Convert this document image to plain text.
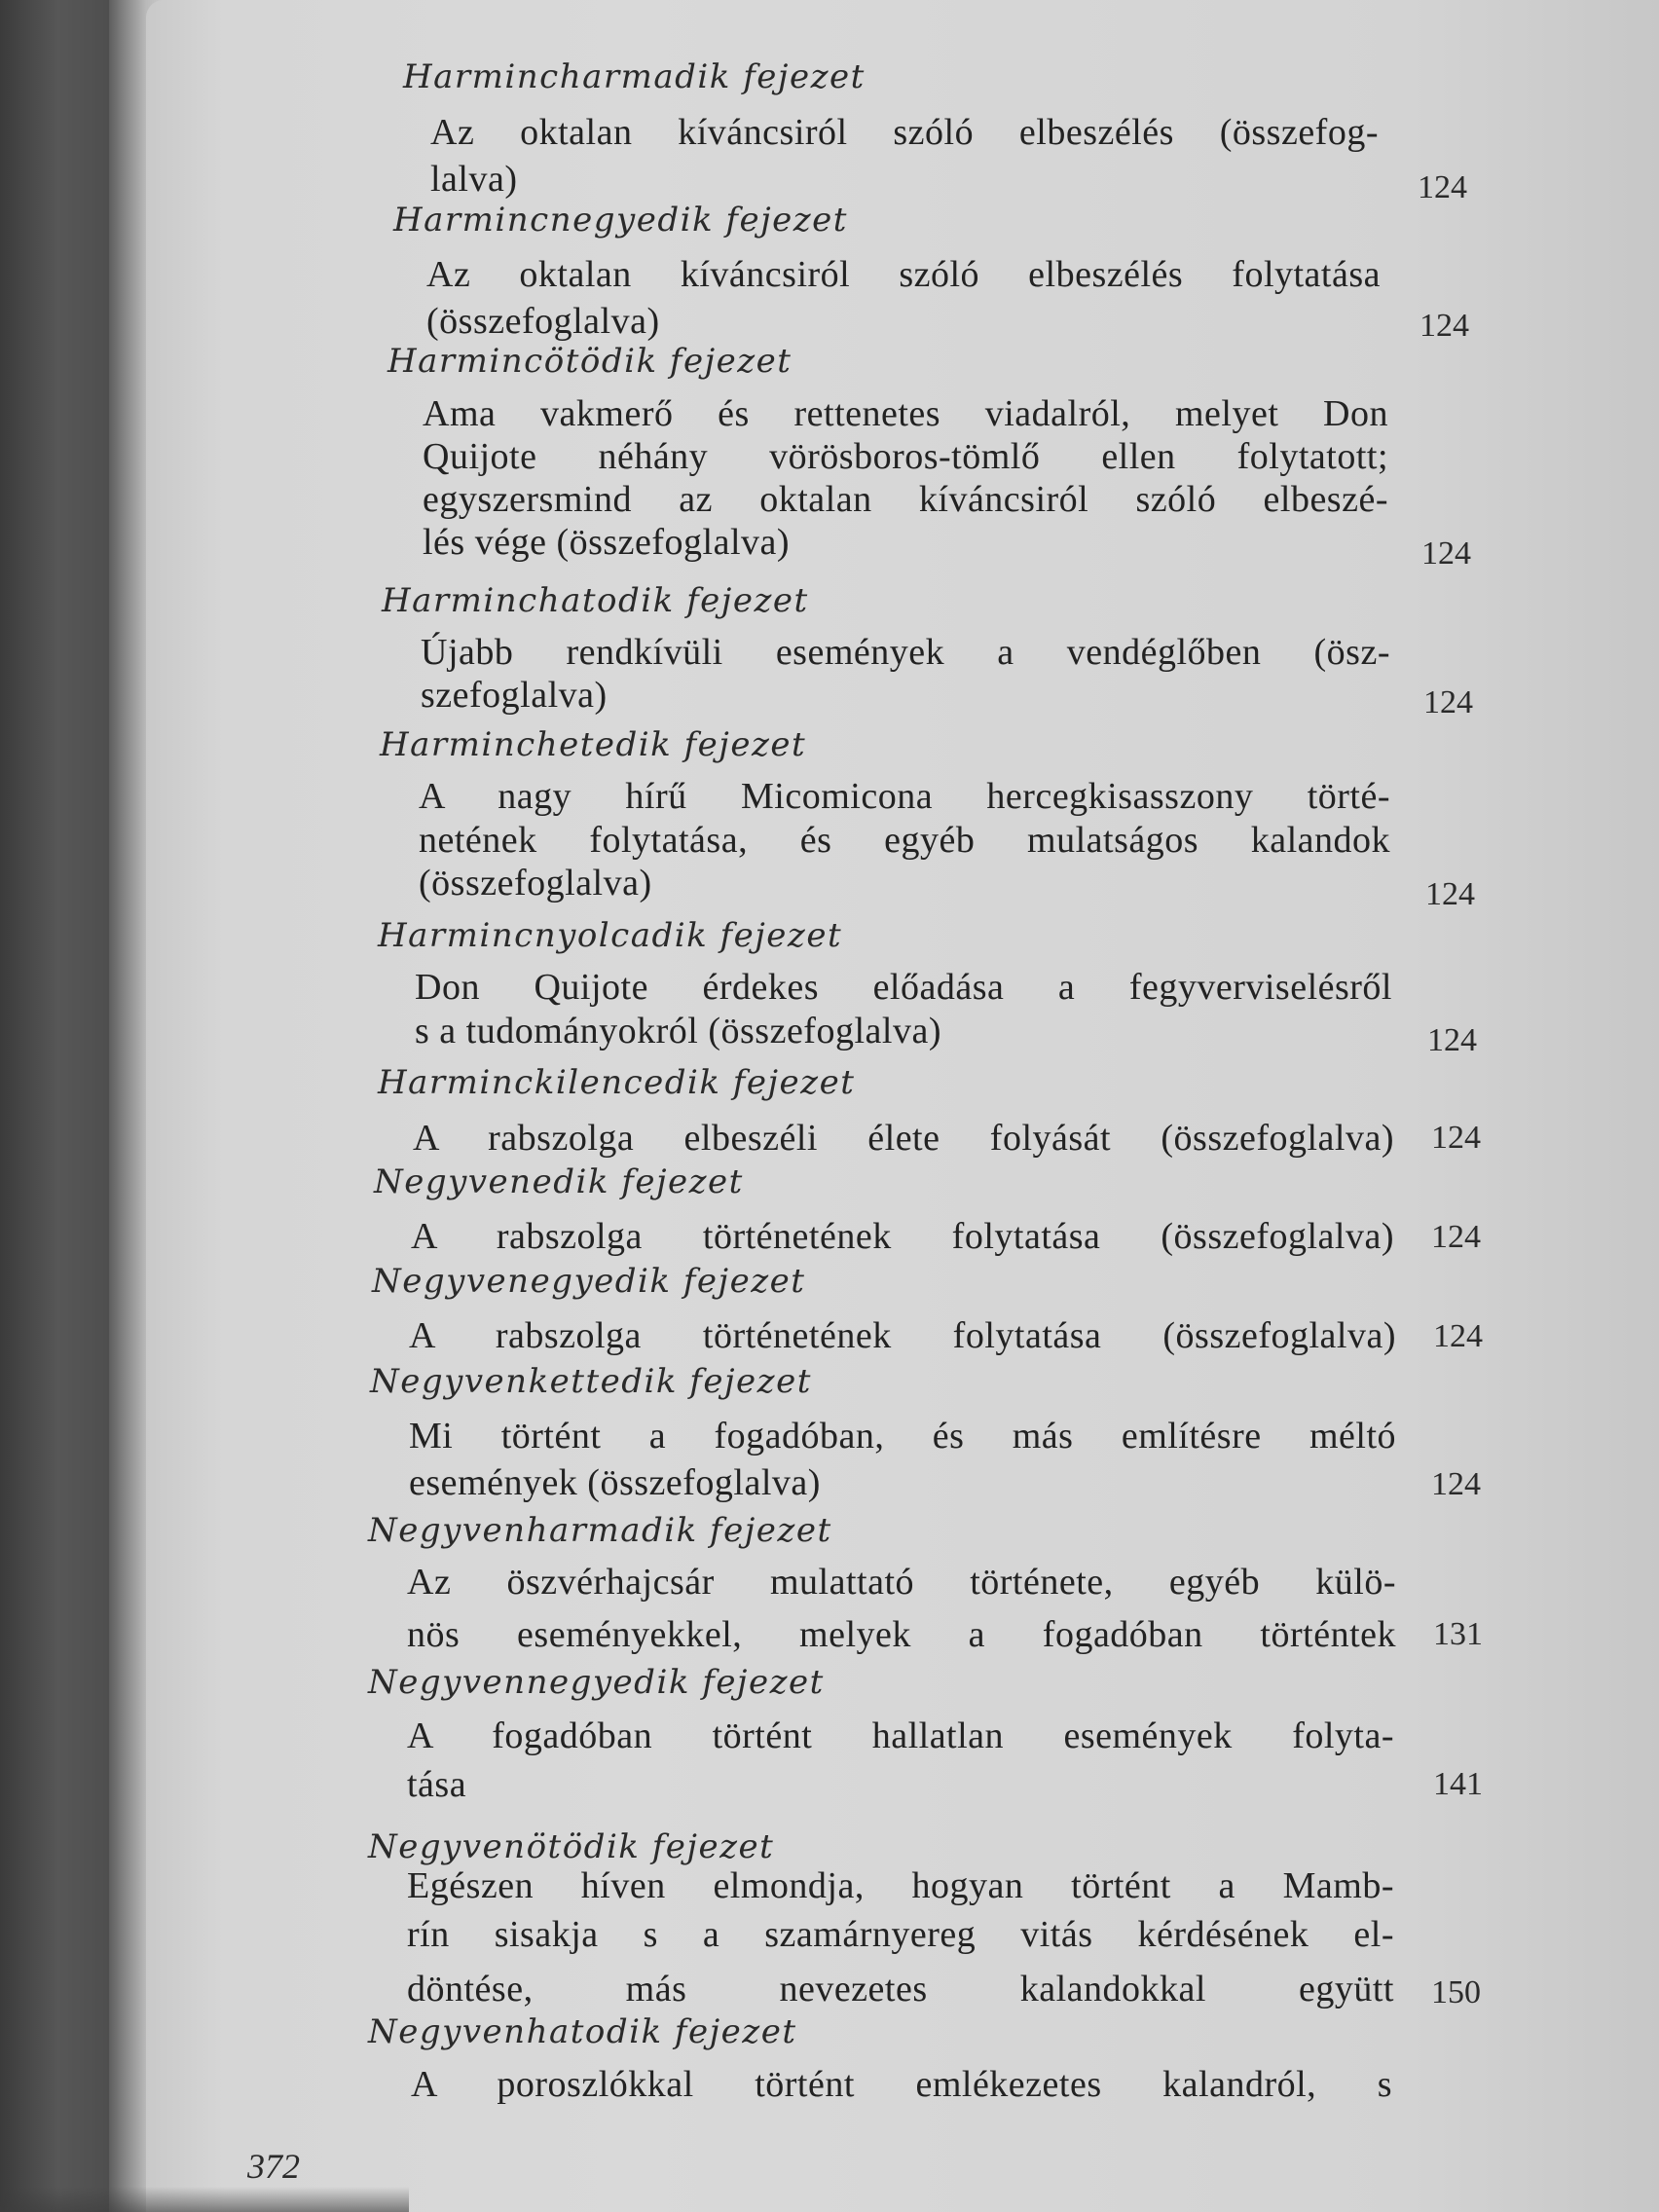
Harmincharmadik fejezet
Az oktalan kíváncsiról szóló elbeszélés (összefog-
lalva)	124
Harmincnegyedik fejezet
Az oktalan kíváncsiról szóló elbeszélés folytatása
(összefoglalva)	124
Harmincötödik fejezet
Ama vakmerő és rettenetes viadalról, melyet Don
Quijote néhány vörösboros-tömlő ellen folytatott;
egyszersmind az oktalan kíváncsiról szóló elbeszé-
lés vége (összefoglalva)	124
Harminchatodik fejezet
Újabb rendkívüli események a vendéglőben (ösz-
szefoglalva)	124
Harminchetedik fejezet
A nagy hírű Micomicona hercegkisasszony törté-
netének folytatása, és egyéb mulatságos kalandok
(összefoglalva)	124
Harmincnyolcadik fejezet
Don Quijote érdekes előadása a fegyverviselésről
s a tudományokról (összefoglalva)	124
Harminckilencedik fejezet
A rabszolga elbeszéli élete folyását (összefoglalva) 124
Negyvenedik fejezet
A rabszolga történetének folytatása (összefoglalva) 124
Negyvenegyedik fejezet
A rabszolga történetének folytatása (összefoglalva) 124
Negyvenkettedik fejezet
Mi történt a fogadóban, és más említésre méltó
események (összefoglalva)	124
Negyvenharmadik fejezet
Az öszvérhajcsár mulattató története, egyéb külö-
nös eseményekkel, melyek a fogadóban történtek 131
Negyvennegyedik fejezet
A fogadóban történt hallatlan események folyta-
tása	141
Negyvenötödik fejezet
Egészen híven elmondja, hogyan történt a Mamb-
rín sisakja s a szamárnyereg vitás kérdésének el-
döntése, más nevezetes kalandokkal együtt 150
Negyvenhatodik fejezet
A poroszlókkal történt emlékezetes kalandról, s
372
